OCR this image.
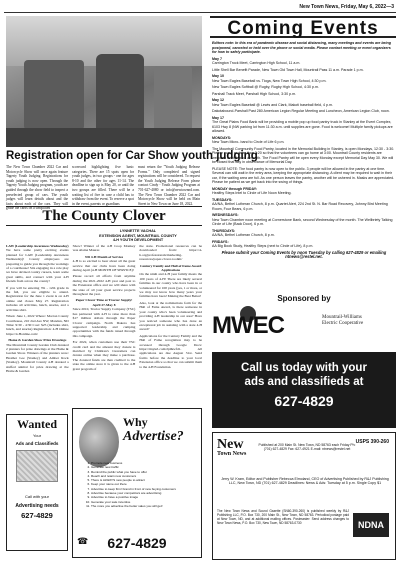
New Town News, Friday, May 6, 2022—3
Registration open for Car Show youth judging
The New Town Chamber 2022 Car and Motorcycle Show will once again feature Tagerty Youth Judging. Registrations for youth judging is now open. Through the Tagerty Youth Judging program, youth are guided through the show field to inspect a preselected group of cars. The youth judges will learn details about and the facts about each of the cars. They will grade the cards on a simplified
scorecard highlighting five basic categories. There are 15 spots open for youth judges, in two groups - one for ages 8-10 and the other for ages 11-14. The deadline to sign up is May 20, or until the two groups are filled. There will be a waiting list of five in case a child has to withdraw from the event. To reserve a spot in the event, parents or guardians
must return the "Youth Judging Release Forms." Only completed and signed registrations will be considered. To request the Youth Judging Release Form please contact Cindy - Youth Judging Program at 701-627-4080 or info@newtownnd.com. The New Town Chamber 2022 Car and Motorcycle Show will be held on Main Street in New Town on June 18, 2022.
The County Clover
LYNNETTE VACHAL
EXTENSION AGENT, MOUNTRAIL COUNTY
4-H YOUTH DEVELOPMENT
LAW (Leadership Awareness Wednesday)

We have some pretty exciting events planned for LAW (Leadership Awareness Wednesday)! County employees are preparing to guide you through the workings of a courthouse! Sits engaging in a role play we have devised county careers, learn some great skills, and connect with your 4-H friends from across the county!

If you will be entering 7th - 12th grade in the fall, you are eligible to attend. Registration for the June 1 event is on 4-H online and closes May 27. Registration includes all activities, lunch, snacks, and a activities shirt.

When: June 1, 2022 Where: Morton County Courthouse, 210 2nd Ave NW, Mandan, ND Time: 9:30 - 4:30 Cost: $25 (includes shirt, lunch, and snacks) Registration: 4-H Online https://4-Honline.com/

Home & Garden Show Prize Drawings

The Mountrail County Garden Club donated 2 planters for prize drawings at the Home & Garden Show. Winners of the planters were: Heather Lee (Stanley) and Amber Rock (Stanley). Mountrail County 4-H donated a stuffed animal for prize drawing at the Home & Garden

Show! Winner of the 4-H Coop Monkey was Alaina Maurer.

ND 4-H Month of Service

4-H is so excited to hear about all the great service that our clubs have been doing during April (4-H MONTH OF SERVICE)!

Please record all efforts from anytime during the 2021-2022 4-H year and post to the Extension office and we will share with the state of all your great service projects throughout the year.

Paper Clover Time at Tractor Supply! April 27-May 8

Since 2010, Tractor Supply Company (TSC) has partnered with 4-H to raise more than $17 million dollars through the Paper Clover campaign. North Dakota has supported leadership and camping opportunities with the funds raised through this campaign.

For 2022, when customers use their TSC credit card and the amount they donate is matched by Children's Customers can donate online when they make a purchase. The donated funds are then credited to the state the online store it is given to the 4-H grant program of

the state. Promotional resources can be downloaded from: https://4-h.org/professionals/marketing-resources/paper-clover-toolkit/

Century Family and Hall of Fame Award Applications

On the ninth and 4-H year family meets the 100 years of 4-H! There are likely several families in our county who have been in or volunteered for 100 years (yes, 1 or more, or we may not know how many years your families have been! Making the Best Better!

Also, look at the nominations form for the Hall of Fame Award, is there someone in your county who's been volunteering and providing 4-H leadership in our area? Have you noticed someone who has done an exceptional job in assisting with a state 4-H award?

Applications for the Century Family and the Hall of Fame recognition may to be accessed through Google Docs: https://tinyurl.com/2p9kwfd1. All applications are due August 31st. Send forms before the deadline to your local Extension office so that we can submit them to the 4-H Foundation.

Wanted
Your
Ads and Classifieds
Call with your
Advertising needs
627-4829
Why
Advertise?
1. Promote new business
2. Generate new traffic
3. Remind the public what you have to offer
4. Reach and retain new customers
5. There is ALWAYS new people to attract
6. Keep your name out there
7. Advertise to keep firm/ brand in front of new buying customers
8. Advertise because your competitors are advertising
9. Advertise to have a positive image
10. Generate your sale incentive
11. The more you advertise the better sales you will get!
☎	627-4829
Coming Events
Editors note: In this era of pandemic disease and social distancing, many meetings and events are being postponed, canceled or held over the phone or social media. Please contact meeting or event organizers for how to safely participate.
May 7
Carrington Trock Meet, Carrington High School, 11 a.m.
Little Shell Bar Benefit Parade, New Town Old Town Hall, Mountrail Pass 11 a.m. Parade 1 p.m.
May 10
New Town Eagles Baseball vs. Tioga, New Town High School, 4:30 p.m.
New Town Eagles Softball @ Rugby, Rugby High School, 4:30 p.m.
Parshall Track Meet, Parshall High School, 3:30 p.m.
May 12
New Town Eagles Baseball @ Lewis and Clark, Makoti baseball field, 4 p.m.
Dakotabound-Parshall Past 280 American Legion Regular Meeting and Luncheon, American Legion Club, noon.
May 17
The Great Plains Food Bank will be providing a mobile pop up food pantry truck in Stanley at the Event Complex, 6103 Hwy 8 (NW parking lot from 11:30 a.m. until supplies are gone. Food is welcome! Multiple family pickups are allowed.
MONDAYS:
New Town Micro- band to Circle of Life 6 p.m.
The Mountrail Community Food Pantry, located in the Memorial Building in Stanley, is open Mondays, 12:30 - 3:30. Please come no later than 2:20 so that the volunteers can go home at 3:00. Mountrail County residents are welcome to visit once a month. The Food Pantry will be open every Monday except Memorial Day May 30. We will be closed that day in observance of Memorial Day.
PLEASE NOTE: The food pantry is now open to the public. 3 people will be allowed in the pantry at one time. Several can still wait in the entry area, keeping the appropriate distancing. A client may be required to wait in their car, if the waiting area are full. As one person leaves the pantry, another will be ushered in. Masks are appreciated. Please be patient as we get back into the swing of things.
MONDAY through FRIDAY:
Healthy Steps Intel to Circle of Life Noon Meeting.
TUESDAYS:
AA/NA, Bethel Lutheran Church, 8 p.m. Quartet Alert, 224 2nd St. N. Bar Road Recovery, Johnny Bird Meeting Room, Four Bears, 6 p.m.
WEDNESDAYS:
New Town Chamber noon meeting at Cornerstone Bank, second Wednesday of the month. The Wellbriety Talking Circle of Life (Back Door), 6 p.m.
THURSDAYS:
AA/NA, Bethel Lutheran Church, 8 p.m.
FRIDAYS:
AA Big Book Study, Healthy Steps (next to Circle of Life), 8 p.m.
Please submit your Coming Events by noon Tuesday by calling 627-4829 or emailing ntnews@restel.net.
Sponsored by
MWEC	Mountrail-Williams
Electric Cooperative
Call us today with your
ads and classifieds at
627-4829
New
Town News
USPS 390-260
Published at 200 Main St. New Town, ND 58763 each Friday Ph: (701) 627-4829 Fax: 627-4921 E-mail: ntnews@restel.net
Jerry W. Kram, Editor and Publisher Rebecca Elmoland, CEO of Advertising Published by R&J Publishing LLC, New Town, ND (701) 627-4829 Deadlines: News & Ads: Tuesday at 5 p.m. Single Copy $1
The New Town News and Sound Gazette (SN60-390-260) is published weekly by R&J Publishing LLC, P.O. Box 730, 200 Main St., New Town, ND 58763. Periodical postage paid at New Town, ND, and at additional mailing offices. Postmaster: Send address changes to New Town News, P.O. Box 730, New Town, ND 58763-0730	NDNA
